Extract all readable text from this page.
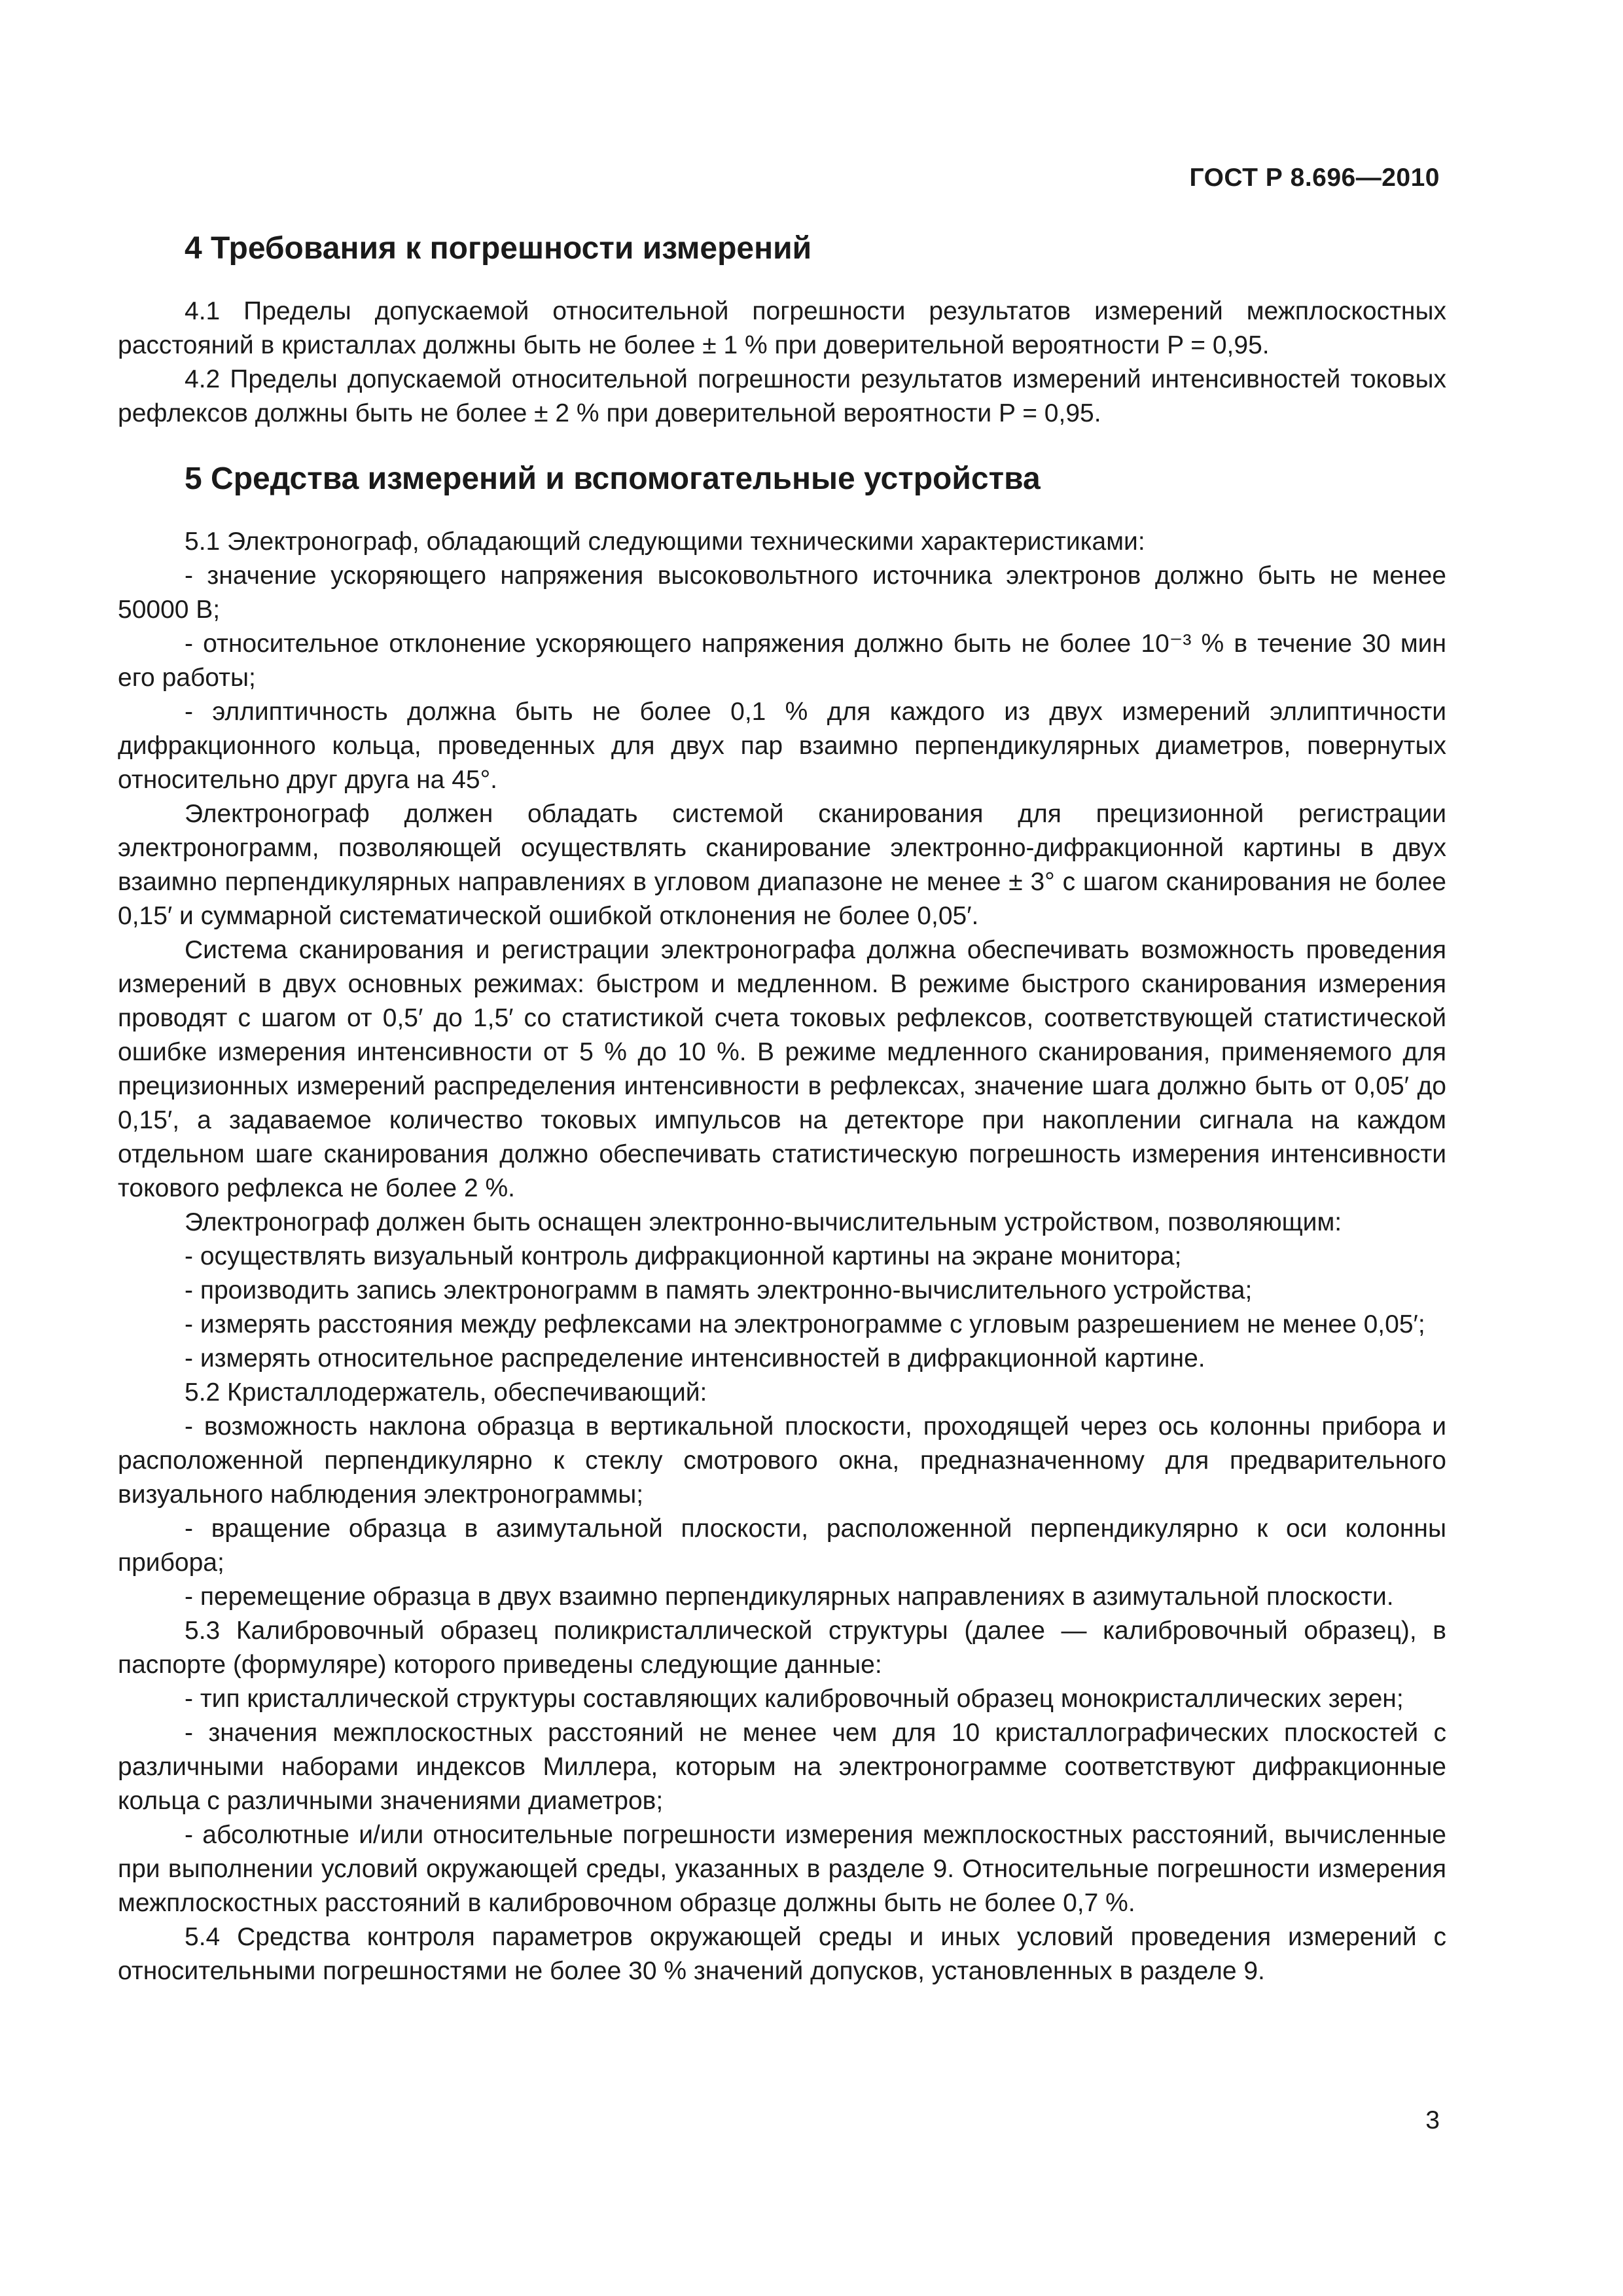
ГОСТ Р 8.696—2010
4 Требования к погрешности измерений

4.1 Пределы допускаемой относительной погрешности результатов измерений межплоскостных расстояний в кристаллах должны быть не более ± 1 % при доверительной вероятности P = 0,95.

4.2 Пределы допускаемой относительной погрешности результатов измерений интенсивностей токовых рефлексов должны быть не более ± 2 % при доверительной вероятности P = 0,95.

5 Средства измерений и вспомогательные устройства

5.1 Электронограф, обладающий следующими техническими характеристиками:

- значение ускоряющего напряжения высоковольтного источника электронов должно быть не менее 50000 В;

- относительное отклонение ускоряющего напряжения должно быть не более 10⁻³ % в течение 30 мин его работы;

- эллиптичность должна быть не более 0,1 % для каждого из двух измерений эллиптичности дифракционного кольца, проведенных для двух пар взаимно перпендикулярных диаметров, повернутых относительно друг друга на 45°.

Электронограф должен обладать системой сканирования для прецизионной регистрации электронограмм, позволяющей осуществлять сканирование электронно-дифракционной картины в двух взаимно перпендикулярных направлениях в угловом диапазоне не менее ± 3° с шагом сканирования не более 0,15′ и суммарной систематической ошибкой отклонения не более 0,05′.

Система сканирования и регистрации электронографа должна обеспечивать возможность проведения измерений в двух основных режимах: быстром и медленном. В режиме быстрого сканирования измерения проводят с шагом от 0,5′ до 1,5′ со статистикой счета токовых рефлексов, соответствующей статистической ошибке измерения интенсивности от 5 % до 10 %. В режиме медленного сканирования, применяемого для прецизионных измерений распределения интенсивности в рефлексах, значение шага должно быть от 0,05′ до 0,15′, а задаваемое количество токовых импульсов на детекторе при накоплении сигнала на каждом отдельном шаге сканирования должно обеспечивать статистическую погрешность измерения интенсивности токового рефлекса не более 2 %.

Электронограф должен быть оснащен электронно-вычислительным устройством, позволяющим:

- осуществлять визуальный контроль дифракционной картины на экране монитора;

- производить запись электронограмм в память электронно-вычислительного устройства;

- измерять расстояния между рефлексами на электронограмме с угловым разрешением не менее 0,05′;

- измерять относительное распределение интенсивностей в дифракционной картине.

5.2 Кристаллодержатель, обеспечивающий:

- возможность наклона образца в вертикальной плоскости, проходящей через ось колонны прибора и расположенной перпендикулярно к стеклу смотрового окна, предназначенному для предварительного визуального наблюдения электронограммы;

- вращение образца в азимутальной плоскости, расположенной перпендикулярно к оси колонны прибора;

- перемещение образца в двух взаимно перпендикулярных направлениях в азимутальной плоскости.

5.3 Калибровочный образец поликристаллической структуры (далее — калибровочный образец), в паспорте (формуляре) которого приведены следующие данные:

- тип кристаллической структуры составляющих калибровочный образец монокристаллических зерен;

- значения межплоскостных расстояний не менее чем для 10 кристаллографических плоскостей с различными наборами индексов Миллера, которым на электронограмме соответствуют дифракционные кольца с различными значениями диаметров;

- абсолютные и/или относительные погрешности измерения межплоскостных расстояний, вычисленные при выполнении условий окружающей среды, указанных в разделе 9. Относительные погрешности измерения межплоскостных расстояний в калибровочном образце должны быть не более 0,7 %.

5.4 Средства контроля параметров окружающей среды и иных условий проведения измерений с относительными погрешностями не более 30 % значений допусков, установленных в разделе 9.

3
